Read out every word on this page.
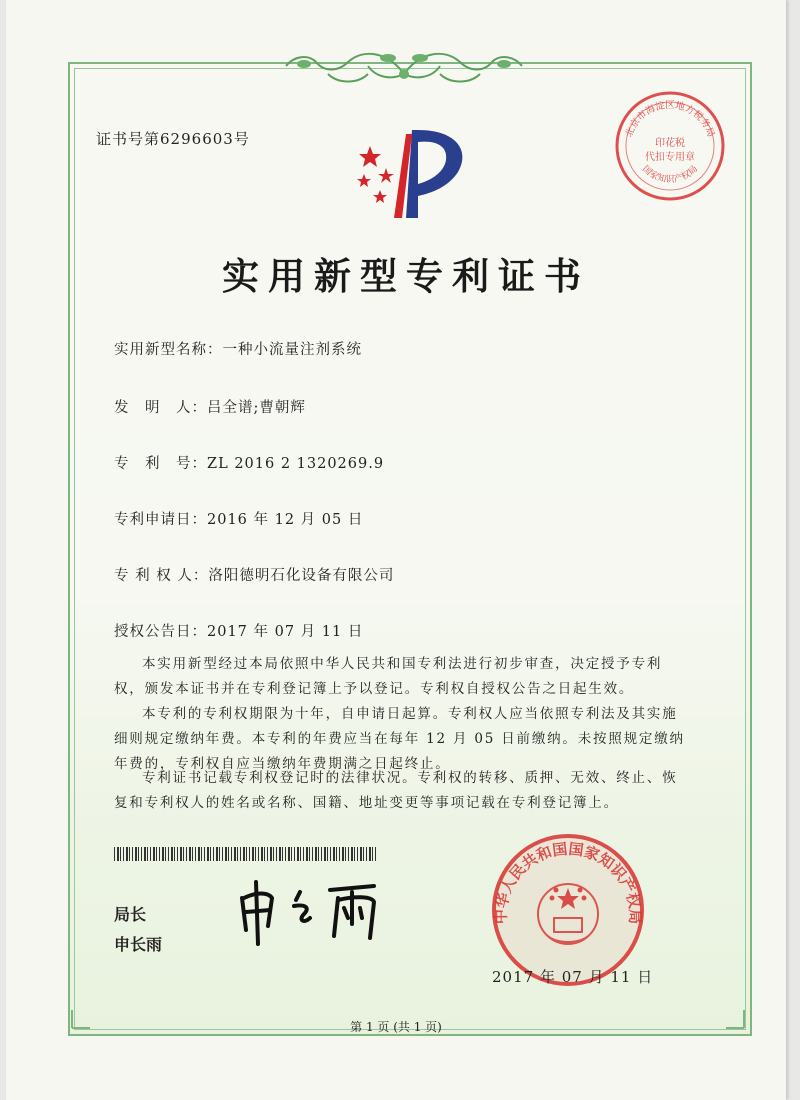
证书号第6296603号	北京市海淀区地方税务局
印花税
代扣专用章
国家知识产权局
实用新型专利证书
实用新型名称：一种小流量注剂系统
发　明　人：吕全谱;曹朝辉
专　利　号：ZL 2016 2 1320269.9
专利申请日：2016 年 12 月 05 日
专 利 权 人：洛阳德明石化设备有限公司
授权公告日：2017 年 07 月 11 日
本实用新型经过本局依照中华人民共和国专利法进行初步审查，决定授予专利权，颁发本证书并在专利登记簿上予以登记。专利权自授权公告之日起生效。
本专利的专利权期限为十年，自申请日起算。专利权人应当依照专利法及其实施细则规定缴纳年费。本专利的年费应当在每年 12 月 05 日前缴纳。未按照规定缴纳年费的，专利权自应当缴纳年费期满之日起终止。
专利证书记载专利权登记时的法律状况。专利权的转移、质押、无效、终止、恢复和专利权人的姓名或名称、国籍、地址变更等事项记载在专利登记簿上。
局长
申长雨
中华人民共和国国家知识产权局
2017 年 07 月 11 日
第 1 页 (共 1 页)
